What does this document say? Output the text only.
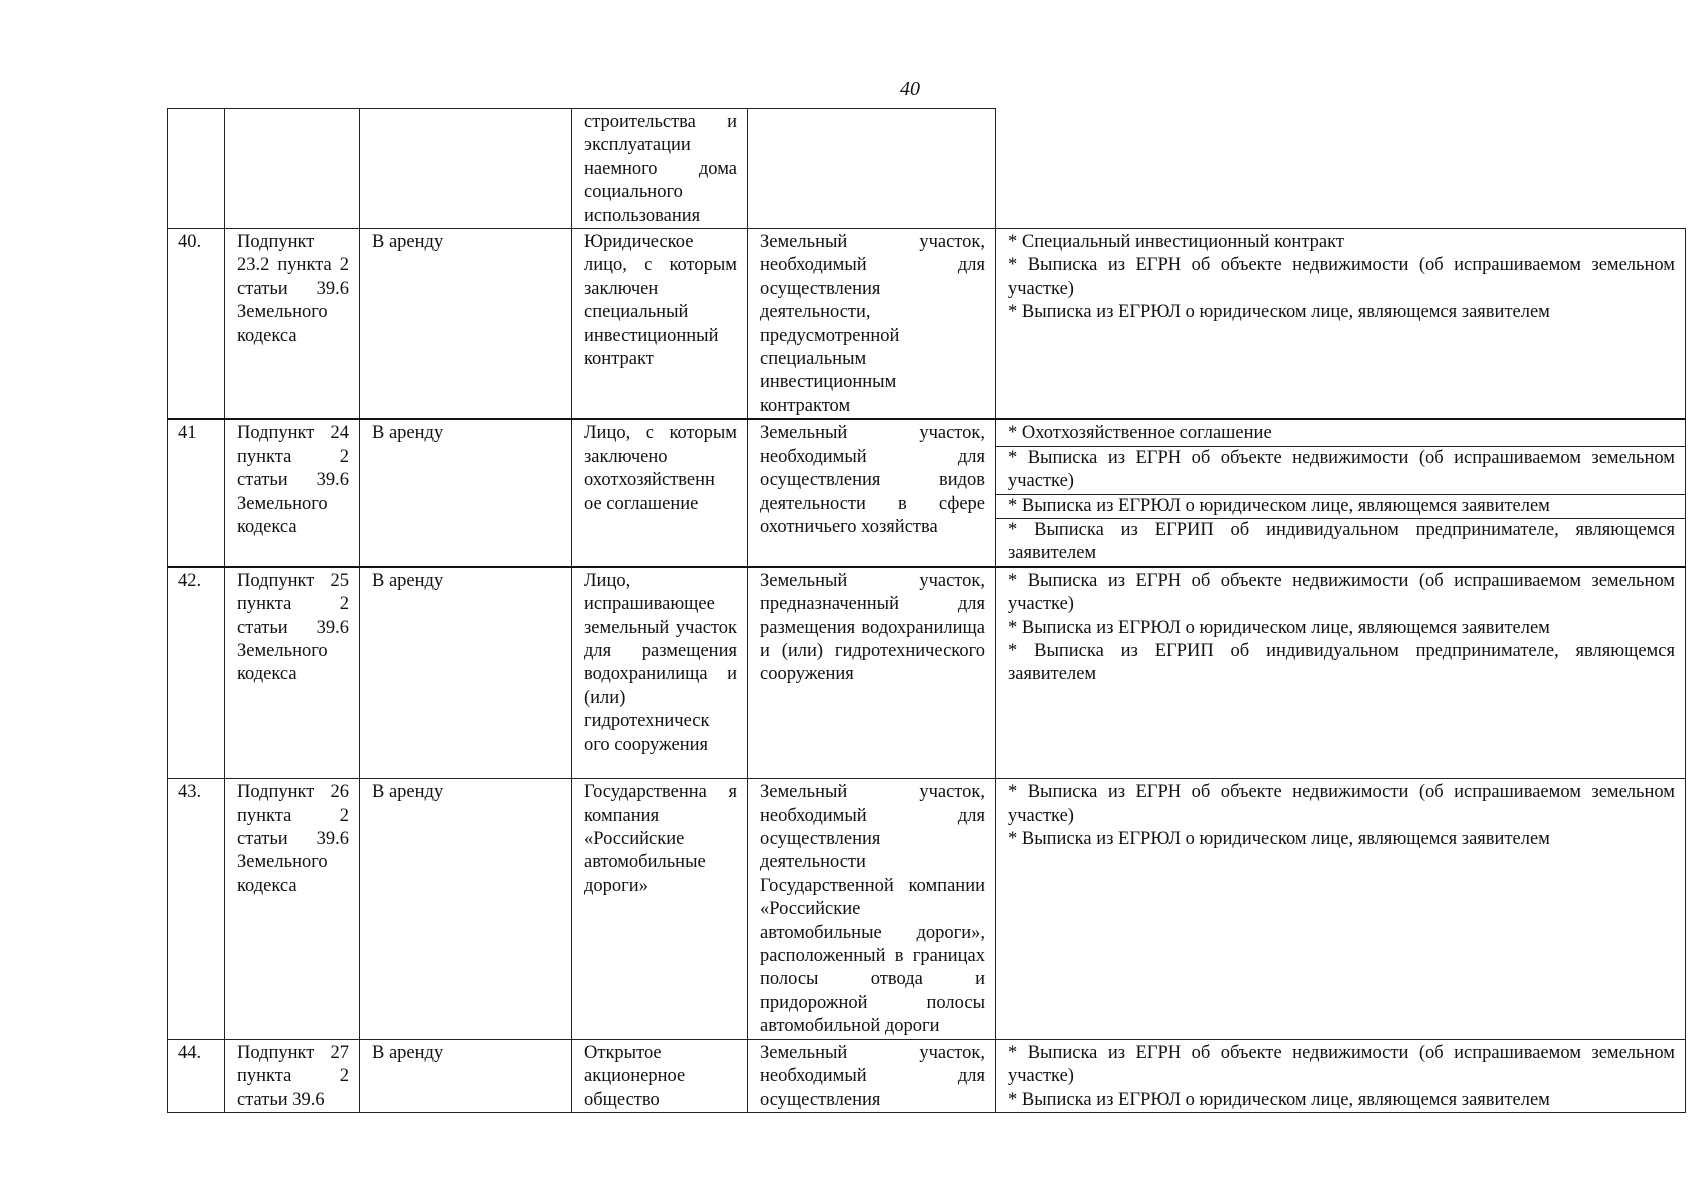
40
			строительства и эксплуатации наемного дома социального использования		
40.	Подпункт 23.2 пункта 2 статьи 39.6 Земельного кодекса	В аренду	Юридическое лицо, с которым заключен специальный инвестиционный контракт	Земельный участок, необходимый для осуществления деятельности, предусмотренной специальным инвестиционным контрактом	* Специальный инвестиционный контракт

* Выписка из ЕГРН об объекте недвижимости (об испрашиваемом земельном участке)

* Выписка из ЕГРЮЛ о юридическом лице, являющемся заявителем

41	Подпункт 24 пункта 2 статьи 39.6 Земельного кодекса	В аренду	Лицо, с которым заключено охотхозяйственн ое соглашение	Земельный участок, необходимый для осуществления видов деятельности в сфере охотничьего хозяйства	* Охотхозяйственное соглашение

* Выписка из ЕГРН об объекте недвижимости (об испрашиваемом земельном участке)

* Выписка из ЕГРЮЛ о юридическом лице, являющемся заявителем

* Выписка из ЕГРИП об индивидуальном предпринимателе, являющемся заявителем

42.	Подпункт 25 пункта 2 статьи 39.6 Земельного кодекса	В аренду	Лицо, испрашивающее земельный участок для размещения водохранилища и (или) гидротехническ ого сооружения	Земельный участок, предназначенный для размещения водохранилища и (или) гидротехнического сооружения	* Выписка из ЕГРН об объекте недвижимости (об испрашиваемом земельном участке)

* Выписка из ЕГРЮЛ о юридическом лице, являющемся заявителем

* Выписка из ЕГРИП об индивидуальном предпринимателе, являющемся заявителем

43.	Подпункт 26 пункта 2 статьи 39.6 Земельного кодекса	В аренду	Государственна я компания «Российские автомобильные дороги»	Земельный участок, необходимый для осуществления деятельности Государственной компании «Российские автомобильные дороги», расположенный в границах полосы отвода и придорожной полосы автомобильной дороги	* Выписка из ЕГРН об объекте недвижимости (об испрашиваемом земельном участке)

* Выписка из ЕГРЮЛ о юридическом лице, являющемся заявителем

44.	Подпункт 27 пункта 2 статьи 39.6	В аренду	Открытое акционерное общество	Земельный участок, необходимый для осуществления	* Выписка из ЕГРН об объекте недвижимости (об испрашиваемом земельном участке)

* Выписка из ЕГРЮЛ о юридическом лице, являющемся заявителем
